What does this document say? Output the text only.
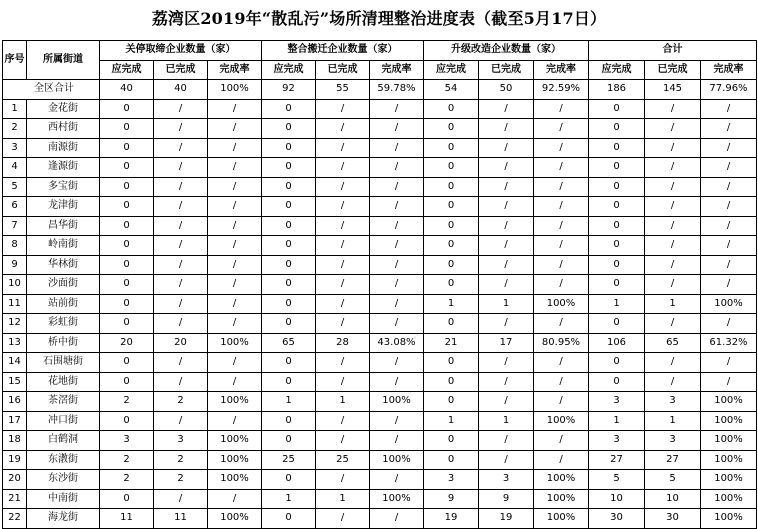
荔湾区2019年“散乱污”场所清理整治进度表（截至5月17日）
序号	所属街道	关停取缔企业数量（家）			整合搬迁企业数量（家）			升级改造企业数量（家）			合计		
		应完成	已完成	完成率	应完成	已完成	完成率	应完成	已完成	完成率	应完成	已完成	完成率
全区合计		40	40	100%	92	55	59.78%	54	50	92.59%	186	145	77.96%
1	金花街	0	/	/	0	/	/	0	/	/	0	/	/
2	西村街	0	/	/	0	/	/	0	/	/	0	/	/
3	南源街	0	/	/	0	/	/	0	/	/	0	/	/
4	逢源街	0	/	/	0	/	/	0	/	/	0	/	/
5	多宝街	0	/	/	0	/	/	0	/	/	0	/	/
6	龙津街	0	/	/	0	/	/	0	/	/	0	/	/
7	昌华街	0	/	/	0	/	/	0	/	/	0	/	/
8	岭南街	0	/	/	0	/	/	0	/	/	0	/	/
9	华林街	0	/	/	0	/	/	0	/	/	0	/	/
10	沙面街	0	/	/	0	/	/	0	/	/	0	/	/
11	站前街	0	/	/	0	/	/	1	1	100%	1	1	100%
12	彩虹街	0	/	/	0	/	/	0	/	/	0	/	/
13	桥中街	20	20	100%	65	28	43.08%	21	17	80.95%	106	65	61.32%
14	石围塘街	0	/	/	0	/	/	0	/	/	0	/	/
15	花地街	0	/	/	0	/	/	0	/	/	0	/	/
16	茶滘街	2	2	100%	1	1	100%	0	/	/	3	3	100%
17	冲口街	0	/	/	0	/	/	1	1	100%	1	1	100%
18	白鹤洞	3	3	100%	0	/	/	0	/	/	3	3	100%
19	东漖街	2	2	100%	25	25	100%	0	/	/	27	27	100%
20	东沙街	2	2	100%	0	/	/	3	3	100%	5	5	100%
21	中南街	0	/	/	1	1	100%	9	9	100%	10	10	100%
22	海龙街	11	11	100%	0	/	/	19	19	100%	30	30	100%
